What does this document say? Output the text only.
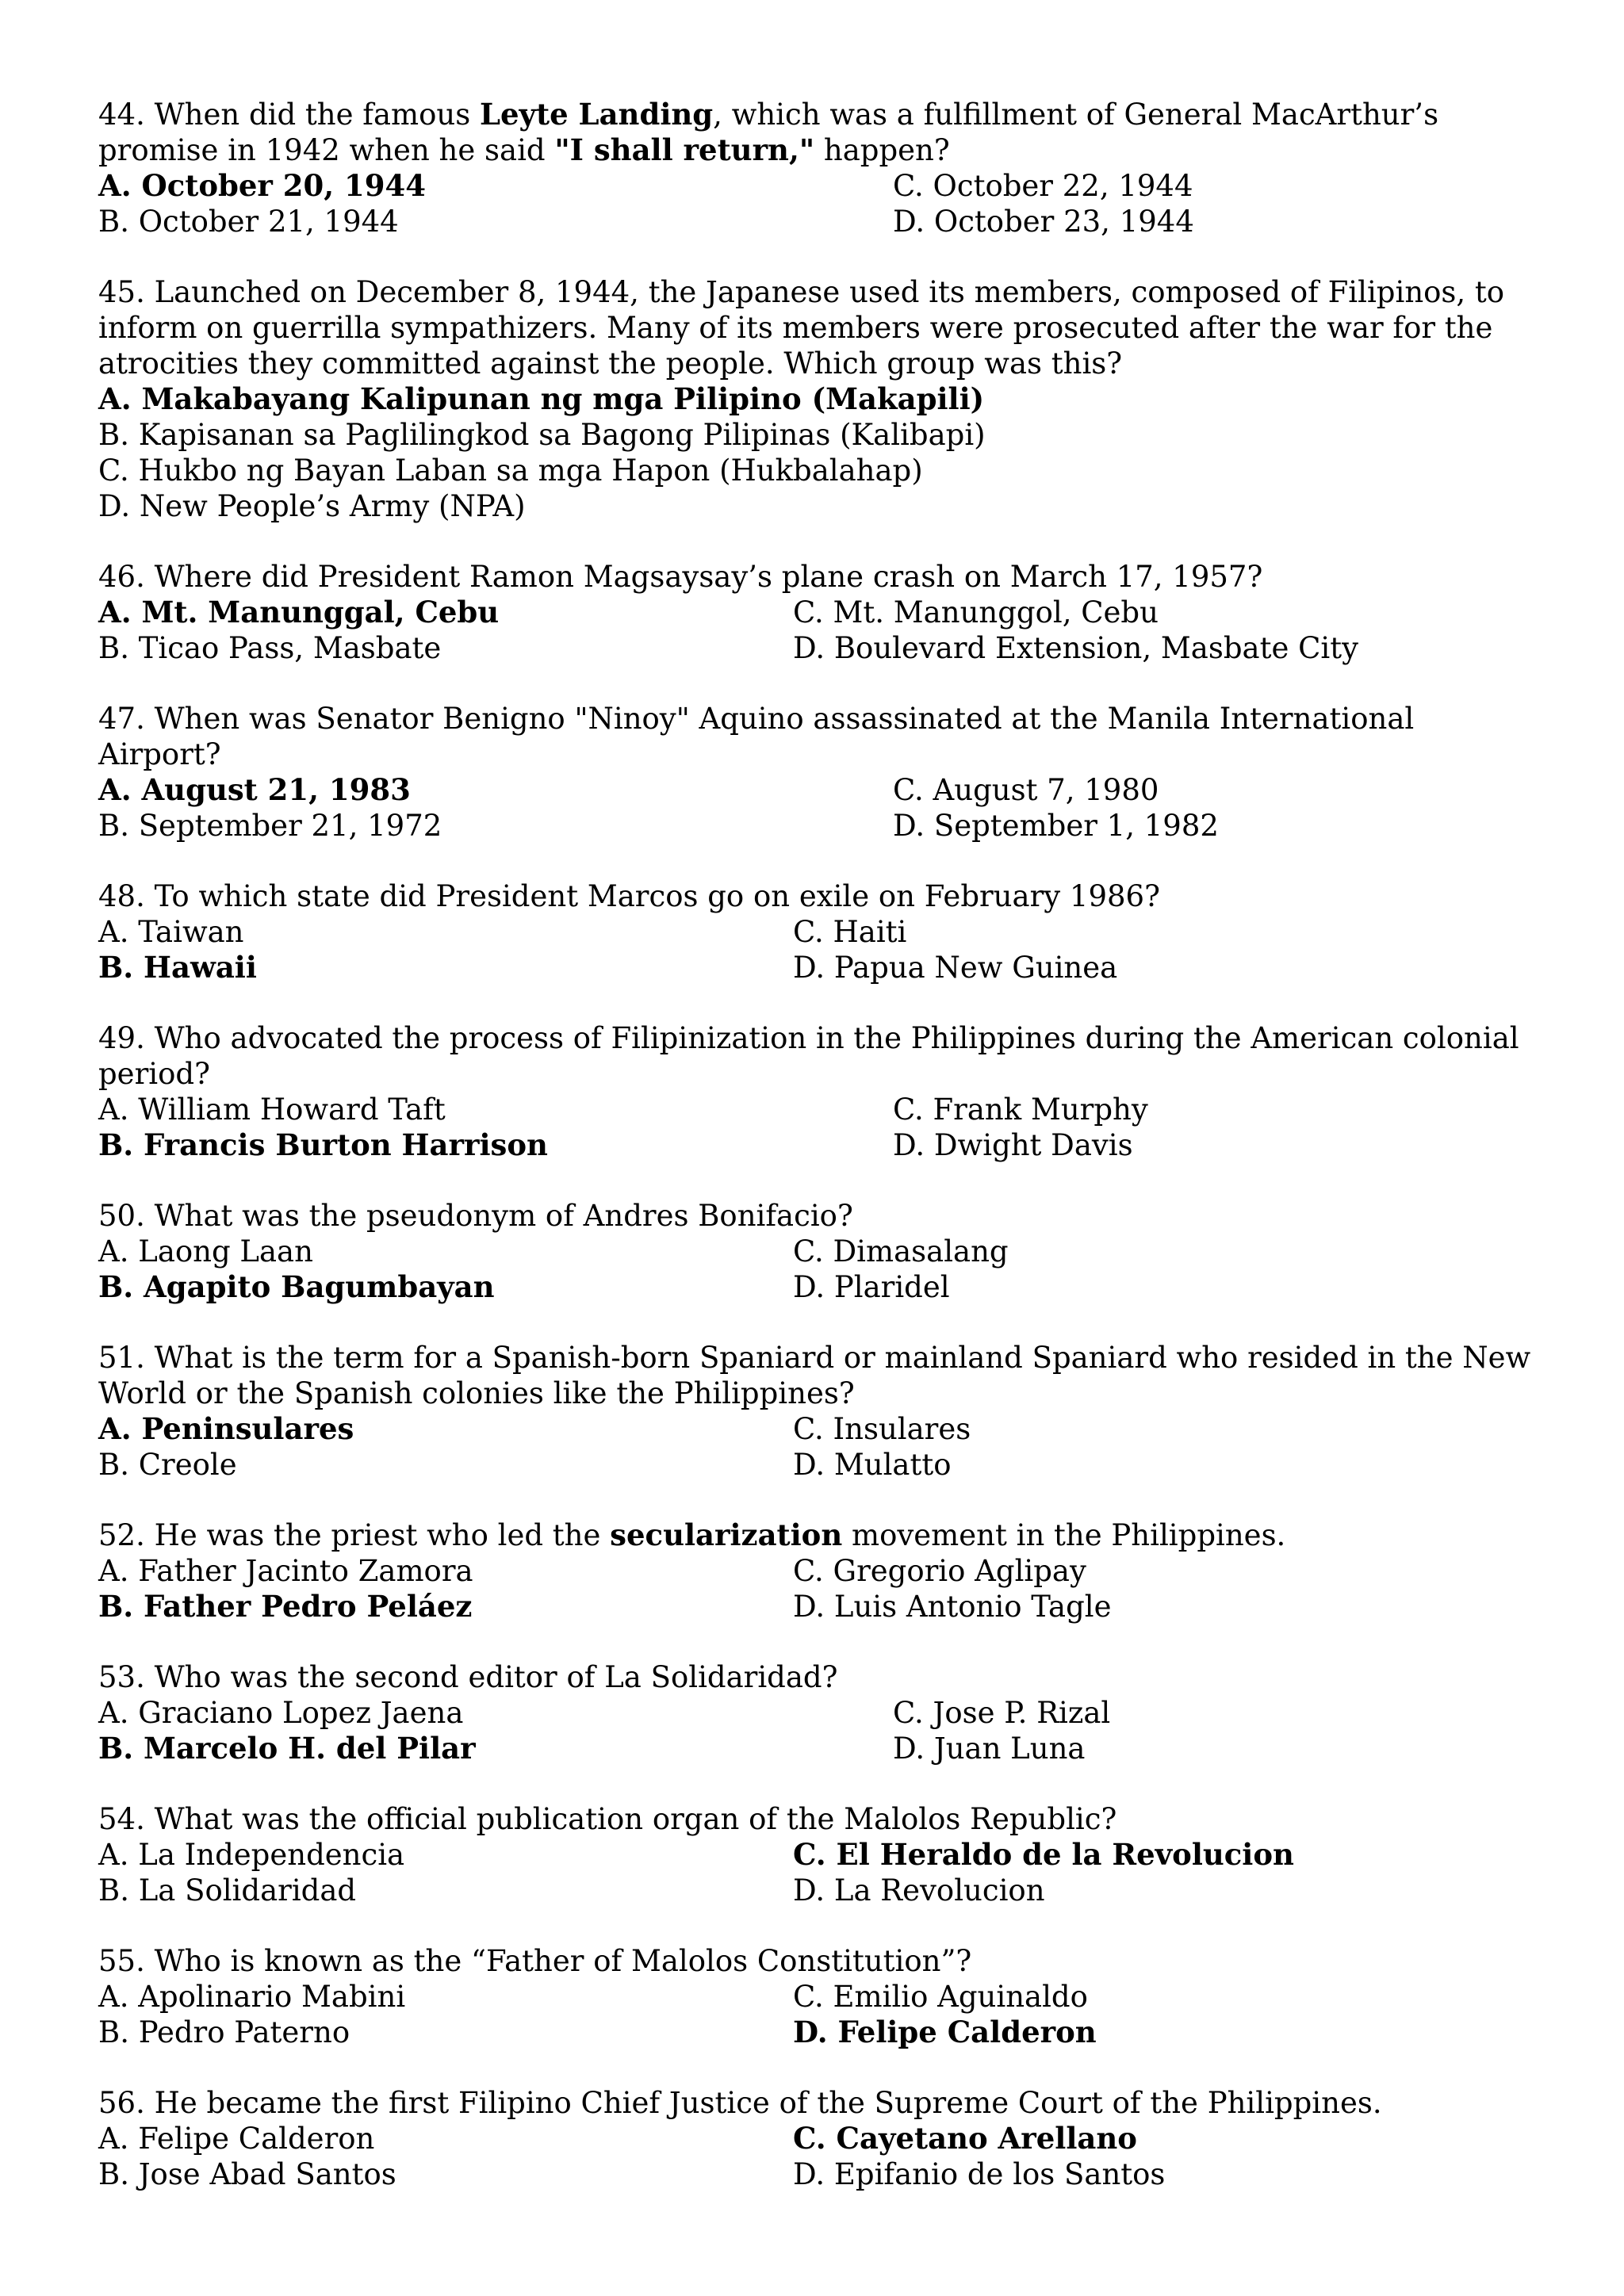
44. When did the famous Leyte Landing, which was a fulfillment of General MacArthur’s promise in 1942 when he said "I shall return," happen?
A. October 20, 1944	C. October 22, 1944
B. October 21, 1944	D. October 23, 1944
45. Launched on December 8, 1944, the Japanese used its members, composed of Filipinos, to inform on guerrilla sympathizers. Many of its members were prosecuted after the war for the atrocities they committed against the people. Which group was this?
A. Makabayang Kalipunan ng mga Pilipino (Makapili)
B. Kapisanan sa Paglilingkod sa Bagong Pilipinas (Kalibapi)
C. Hukbo ng Bayan Laban sa mga Hapon (Hukbalahap)
D. New People’s Army (NPA)
46. Where did President Ramon Magsaysay’s plane crash on March 17, 1957?
A. Mt. Manunggal, Cebu	C. Mt. Manunggol, Cebu
B. Ticao Pass, Masbate	D. Boulevard Extension, Masbate City
47. When was Senator Benigno "Ninoy" Aquino assassinated at the Manila International Airport?
A. August 21, 1983	C. August 7, 1980
B. September 21, 1972	D. September 1, 1982
48. To which state did President Marcos go on exile on February 1986?
A. Taiwan	C. Haiti
B. Hawaii	D. Papua New Guinea
49. Who advocated the process of Filipinization in the Philippines during the American colonial period?
A. William Howard Taft	C. Frank Murphy
B. Francis Burton Harrison	D. Dwight Davis
50. What was the pseudonym of Andres Bonifacio?
A. Laong Laan	C. Dimasalang
B. Agapito Bagumbayan	D. Plaridel
51. What is the term for a Spanish-born Spaniard or mainland Spaniard who resided in the New World or the Spanish colonies like the Philippines?
A. Peninsulares	C. Insulares
B. Creole	D. Mulatto
52. He was the priest who led the secularization movement in the Philippines.
A. Father Jacinto Zamora	C. Gregorio Aglipay
B. Father Pedro Peláez	D. Luis Antonio Tagle
53. Who was the second editor of La Solidaridad?
A. Graciano Lopez Jaena	C. Jose P. Rizal
B. Marcelo H. del Pilar	D. Juan Luna
54. What was the official publication organ of the Malolos Republic?
A. La Independencia	C. El Heraldo de la Revolucion
B. La Solidaridad	D. La Revolucion
55. Who is known as the “Father of Malolos Constitution”?
A. Apolinario Mabini	C. Emilio Aguinaldo
B. Pedro Paterno	D. Felipe Calderon
56. He became the first Filipino Chief Justice of the Supreme Court of the Philippines.
A. Felipe Calderon	C. Cayetano Arellano
B. Jose Abad Santos	D. Epifanio de los Santos
